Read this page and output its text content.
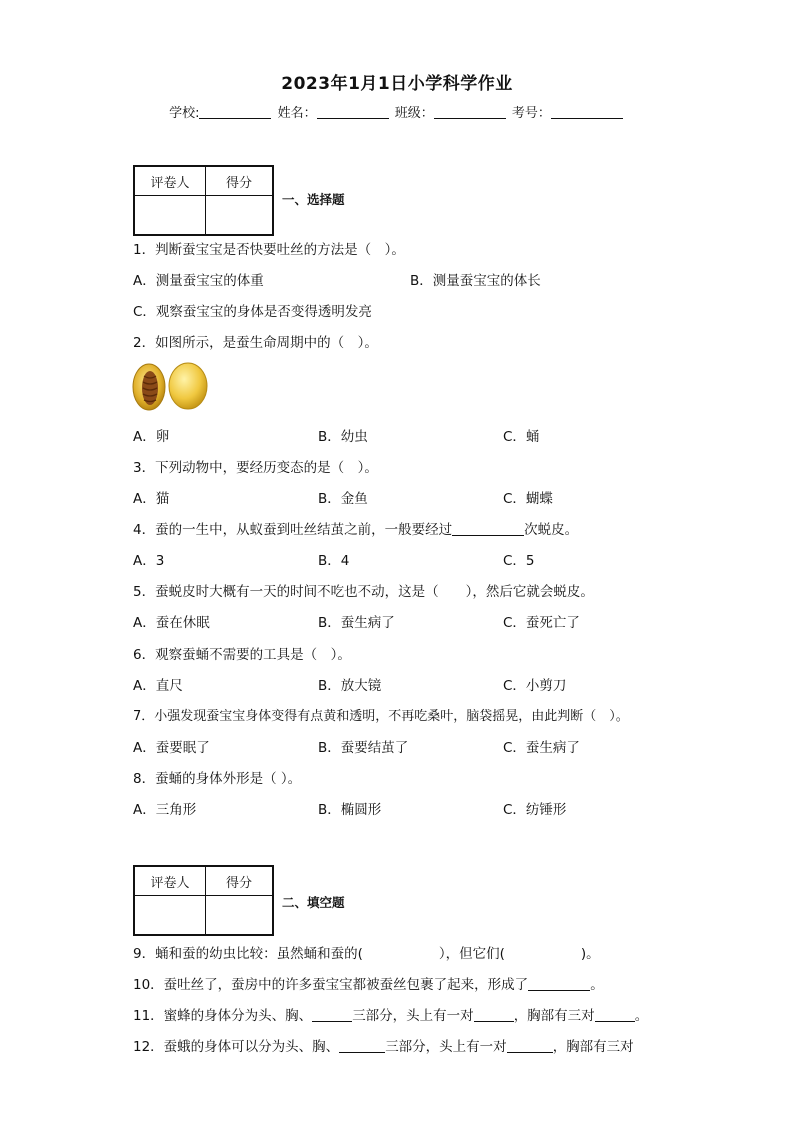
2023年1月1日小学科学作业
学校:	姓名：	班级：	考号：
评卷人	得分

一、选择题
1．判断蚕宝宝是否快要吐丝的方法是（　）。
A．测量蚕宝宝的体重	B．测量蚕宝宝的体长
C．观察蚕宝宝的身体是否变得透明发亮
2．如图所示，是蚕生命周期中的（　）。
A．卵	B．幼虫	C．蛹
3．下列动物中，要经历变态的是（　）。
A．猫	B．金鱼	C．蝴蝶
4．蚕的一生中，从蚁蚕到吐丝结茧之前，一般要经过	次蜕皮。
A．3	B．4	C．5
5．蚕蜕皮时大概有一天的时间不吃也不动，这是（　　），然后它就会蜕皮。
A．蚕在休眠	B．蚕生病了	C．蚕死亡了
6．观察蚕蛹不需要的工具是（　）。
A．直尺	B．放大镜	C．小剪刀
7．小强发现蚕宝宝身体变得有点黄和透明，不再吃桑叶，脑袋摇晃，由此判断（　）。
A．蚕要眠了	B．蚕要结茧了	C．蚕生病了
8．蚕蛹的身体外形是（ ）。
A．三角形	B．椭圆形	C．纺锤形
评卷人	得分

二、填空题
9．蛹和蚕的幼虫比较：虽然蛹和蚕的(	），但它们(	)。
10．蚕吐丝了，蚕房中的许多蚕宝宝都被蚕丝包裹了起来，形成了	。
11．蜜蜂的身体分为头、胸、	三部分，头上有一对	，胸部有三对	。
12．蚕蛾的身体可以分为头、胸、	三部分，头上有一对	，胸部有三对
